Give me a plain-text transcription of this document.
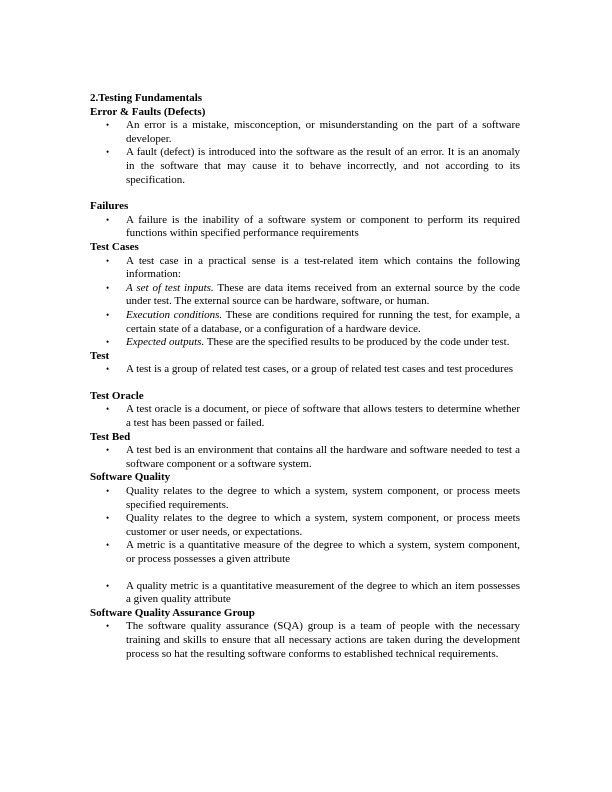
2.Testing Fundamentals
Error & Faults (Defects)
• An error is a mistake, misconception, or misunderstanding on the part of a software developer.
• A fault (defect) is introduced into the software as the result of an error. It is an anomaly in the software that may cause it to behave incorrectly, and not according to its specification.
Failures
• A failure is the inability of a software system or component to perform its required functions within specified performance requirements
Test Cases
• A test case in a practical sense is a test-related item which contains the following information:
• A set of test inputs. These are data items received from an external source by the code under test. The external source can be hardware, software, or human.
• Execution conditions. These are conditions required for running the test, for example, a certain state of a database, or a configuration of a hardware device.
• Expected outputs. These are the specified results to be produced by the code under test.
Test
• A test is a group of related test cases, or a group of related test cases and test procedures
Test Oracle
• A test oracle is a document, or piece of software that allows testers to determine whether a test has been passed or failed.
Test Bed
• A test bed is an environment that contains all the hardware and software needed to test a software component or a software system.
Software Quality
• Quality relates to the degree to which a system, system component, or process meets specified requirements.
• Quality relates to the degree to which a system, system component, or process meets customer or user needs, or expectations.
• A metric is a quantitative measure of the degree to which a system, system component, or process possesses a given attribute
• A quality metric is a quantitative measurement of the degree to which an item possesses a given quality attribute
Software Quality Assurance Group
• The software quality assurance (SQA) group is a team of people with the necessary training and skills to ensure that all necessary actions are taken during the development process so hat the resulting software conforms to established technical requirements.
